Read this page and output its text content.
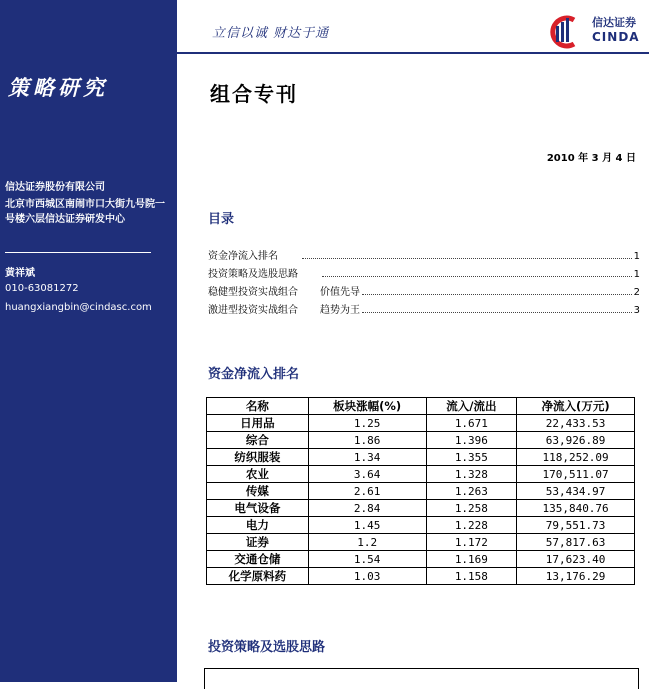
策略研究
信达证券股份有限公司
北京市西城区南闹市口大街九号院一号楼六层信达证券研发中心
黄祥斌
010-63081272
huangxiangbin@cindasc.com
立信以诚 财达于通
信达证券
CINDA
组合专刊
2010 年 3 月 4 日
目录
资金净流入排名	1
投资策略及选股思路	1
稳健型投资实战组合 价值先导	2
激进型投资实战组合 趋势为王	3
资金净流入排名
名称	板块涨幅(%)	流入/流出	净流入(万元)
日用品	1.25	1.671	22,433.53
综合	1.86	1.396	63,926.89
纺织服装	1.34	1.355	118,252.09
农业	3.64	1.328	170,511.07
传媒	2.61	1.263	53,434.97
电气设备	2.84	1.258	135,840.76
电力	1.45	1.228	79,551.73
证券	1.2	1.172	57,817.63
交通仓储	1.54	1.169	17,623.40
化学原料药	1.03	1.158	13,176.29
投资策略及选股思路
